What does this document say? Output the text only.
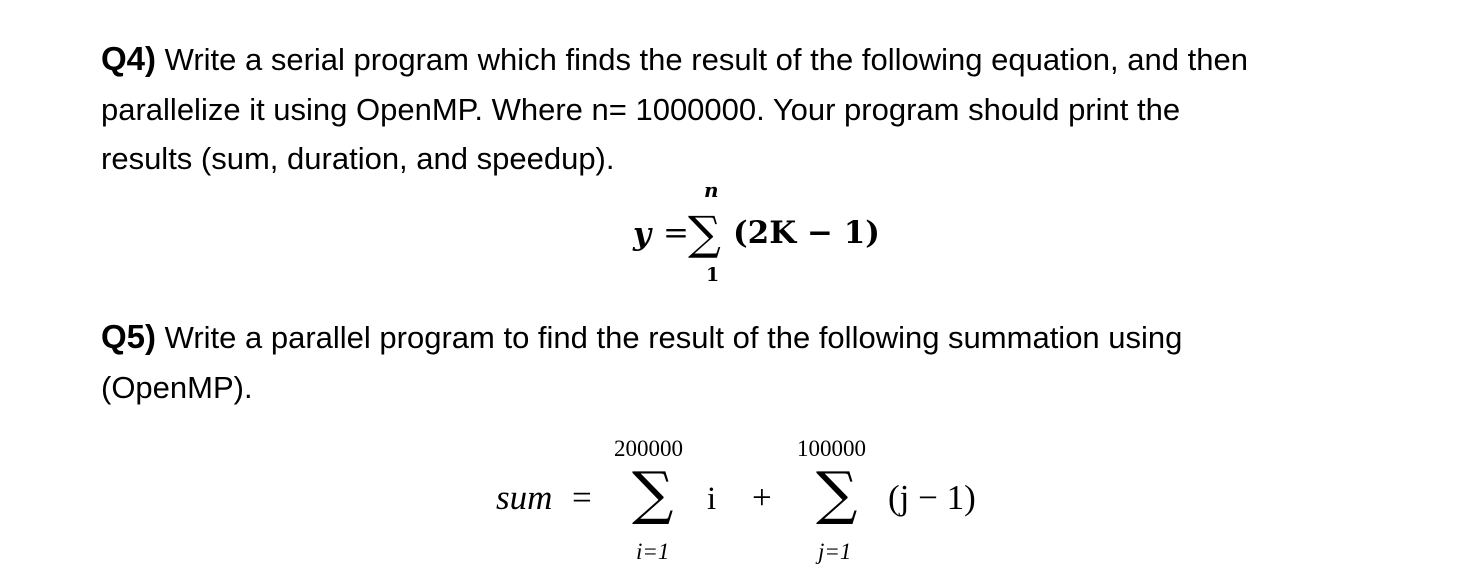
Q4) Write a serial program which finds the result of the following equation, and then
parallelize it using OpenMP. Where n= 1000000. Your program should print the
results (sum, duration, and speedup).
y = ∑
n
1
(2K − 1)
Q5) Write a parallel program to find the result of the following summation using
(OpenMP).
sum =
200000
∑
i=1
i +
100000
∑
j=1
(j − 1)
